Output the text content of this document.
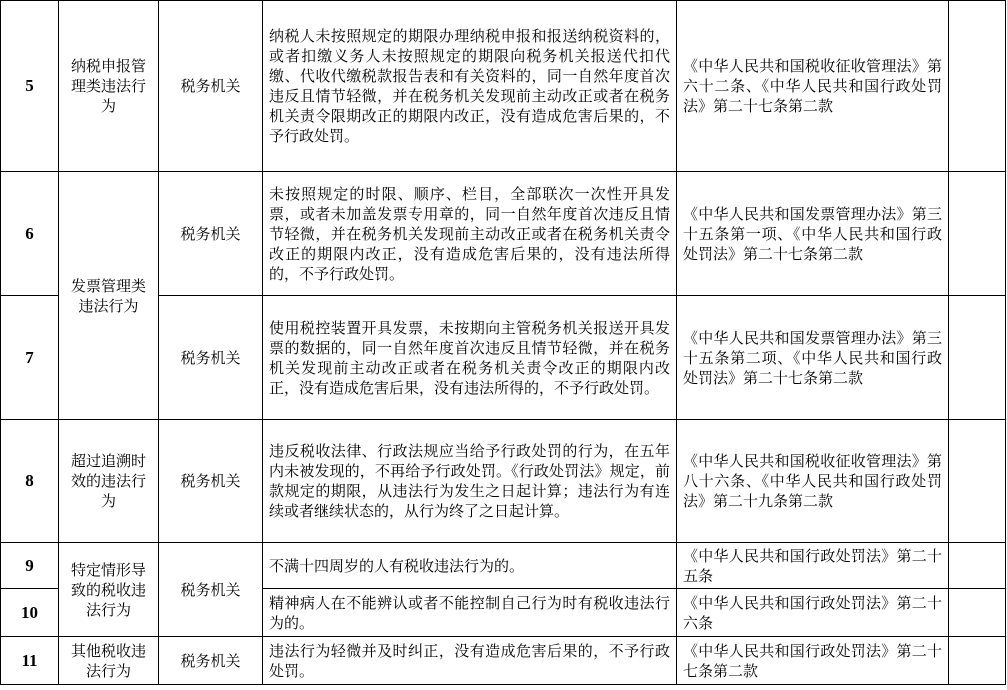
5	纳税申报管理类违法行为	税务机关	纳税人未按照规定的期限办理纳税申报和报送纳税资料的，或者扣缴义务人未按照规定的期限向税务机关报送代扣代缴、代收代缴税款报告表和有关资料的，同一自然年度首次违反且情节轻微，并在税务机关发现前主动改正或者在税务机关责令限期改正的期限内改正，没有造成危害后果的，不予行政处罚。	《中华人民共和国税收征收管理法》第六十二条、《中华人民共和国行政处罚法》第二十七条第二款	
6	发票管理类违法行为	税务机关	未按照规定的时限、顺序、栏目，全部联次一次性开具发票，或者未加盖发票专用章的，同一自然年度首次违反且情节轻微，并在税务机关发现前主动改正或者在税务机关责令改正的期限内改正，没有造成危害后果的，没有违法所得的，不予行政处罚。	《中华人民共和国发票管理办法》第三十五条第一项、《中华人民共和国行政处罚法》第二十七条第二款	
7		税务机关	使用税控装置开具发票，未按期向主管税务机关报送开具发票的数据的，同一自然年度首次违反且情节轻微，并在税务机关发现前主动改正或者在税务机关责令改正的期限内改正，没有造成危害后果，没有违法所得的，不予行政处罚。	《中华人民共和国发票管理办法》第三十五条第二项、《中华人民共和国行政处罚法》第二十七条第二款	
8	超过追溯时效的违法行为	税务机关	违反税收法律、行政法规应当给予行政处罚的行为，在五年内未被发现的，不再给予行政处罚。《行政处罚法》规定，前款规定的期限，从违法行为发生之日起计算；违法行为有连续或者继续状态的，从行为终了之日起计算。	《中华人民共和国税收征收管理法》第八十六条、《中华人民共和国行政处罚法》第二十九条第二款	
9	特定情形导致的税收违法行为	税务机关	不满十四周岁的人有税收违法行为的。	《中华人民共和国行政处罚法》第二十五条	
10			精神病人在不能辨认或者不能控制自己行为时有税收违法行为的。	《中华人民共和国行政处罚法》第二十六条	
11	其他税收违法行为	税务机关	违法行为轻微并及时纠正，没有造成危害后果的，不予行政处罚。	《中华人民共和国行政处罚法》第二十七条第二款	
